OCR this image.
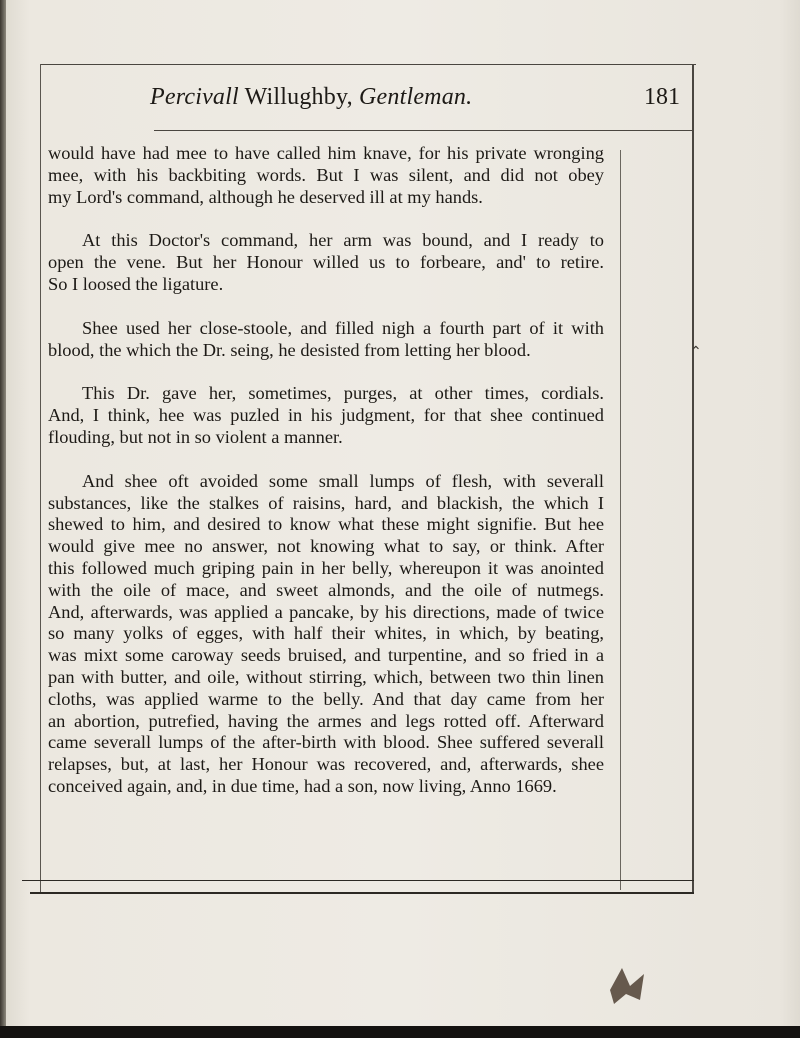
Percivall Willughby, Gentleman.	181
would have had mee to have called him knave, for his private wronging
mee, with his backbiting words. But I was silent, and did not obey
my Lord's command, although he deserved ill at my hands.
At this Doctor's command, her arm was bound, and I ready to
open the vene. But her Honour willed us to forbeare, and' to retire.
So I loosed the ligature.
Shee used her close-stoole, and filled nigh a fourth part of it with
blood, the which the Dr. seing, he desisted from letting her blood.
This Dr. gave her, sometimes, purges, at other times, cordials.
And, I think, hee was puzled in his judgment, for that shee continued
flouding, but not in so violent a manner.
And shee oft avoided some small lumps of flesh, with severall
substances, like the stalkes of raisins, hard, and blackish, the which I
shewed to him, and desired to know what these might signifie. But hee
would give mee no answer, not knowing what to say, or think. After
this followed much griping pain in her belly, whereupon it was anointed
with the oile of mace, and sweet almonds, and the oile of nutmegs.
And, afterwards, was applied a pancake, by his directions, made of twice
so many yolks of egges, with half their whites, in which, by beating,
was mixt some caroway seeds bruised, and turpentine, and so fried in a
pan with butter, and oile, without stirring, which, between two thin linen
cloths, was applied warme to the belly. And that day came from her
an abortion, putrefied, having the armes and legs rotted off. Afterward
came severall lumps of the after-birth with blood. Shee suffered severall
relapses, but, at last, her Honour was recovered, and, afterwards, shee
conceived again, and, in due time, had a son, now living, Anno 1669.
⌃
